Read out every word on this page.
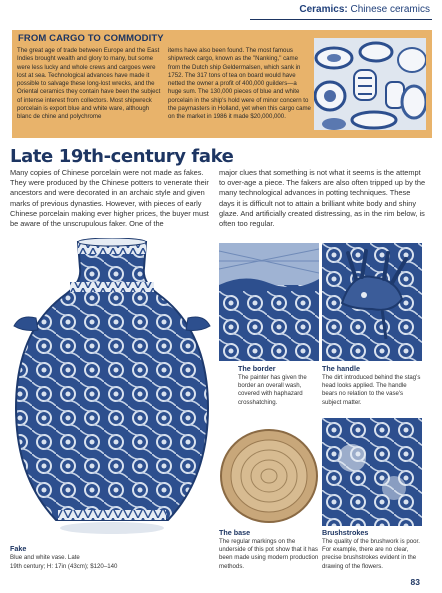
Ceramics: Chinese ceramics
FROM CARGO TO COMMODITY
The great age of trade between Europe and the East Indies brought wealth and glory to many, but some were less lucky and whole crews and cargoes were lost at sea. Technological advances have made it possible to salvage these long-lost wrecks, and the Oriental ceramics they contain have been the subject of intense interest from collectors. Most shipwreck porcelain is export blue and white ware, although blanc de chine and polychrome
items have also been found. The most famous shipwreck cargo, known as the "Nanking," came from the Dutch ship Geldermalsen, which sank in 1752. The 317 tons of tea on board would have netted the owner a profit of 400,000 guilders—a huge sum. The 130,000 pieces of blue and white porcelain in the ship's hold were of minor concern to the paymasters in Holland, yet when this cargo came on the market in 1986 it made $20,000,000.
Late 19th-century fake
Many copies of Chinese porcelain were not made as fakes. They were produced by the Chinese potters to venerate their ancestors and were decorated in an archaic style and given marks of previous dynasties. However, with pieces of early Chinese porcelain making ever higher prices, the buyer must be aware of the unscrupulous faker. One of the
major clues that something is not what it seems is the attempt to over-age a piece. The fakers are also often tripped up by the many technological advances in potting techniques. These days it is difficult not to attain a brilliant white body and shiny glaze. And artificially created distressing, as in the rim below, is often too regular.
Fake
Blue and white vase. Late
19th century; H: 17in (43cm); $120–140
The border
The painter has given the border an overall wash, covered with haphazard crosshatching.
The handle
The dirt introduced behind the stag's head looks applied. The handle bears no relation to the vase's subject matter.
The base
The regular markings on the underside of this pot show that it has been made using modern production methods.
Brushstrokes
The quality of the brushwork is poor. For example, there are no clear, precise brushstrokes evident in the drawing of the flowers.
83
